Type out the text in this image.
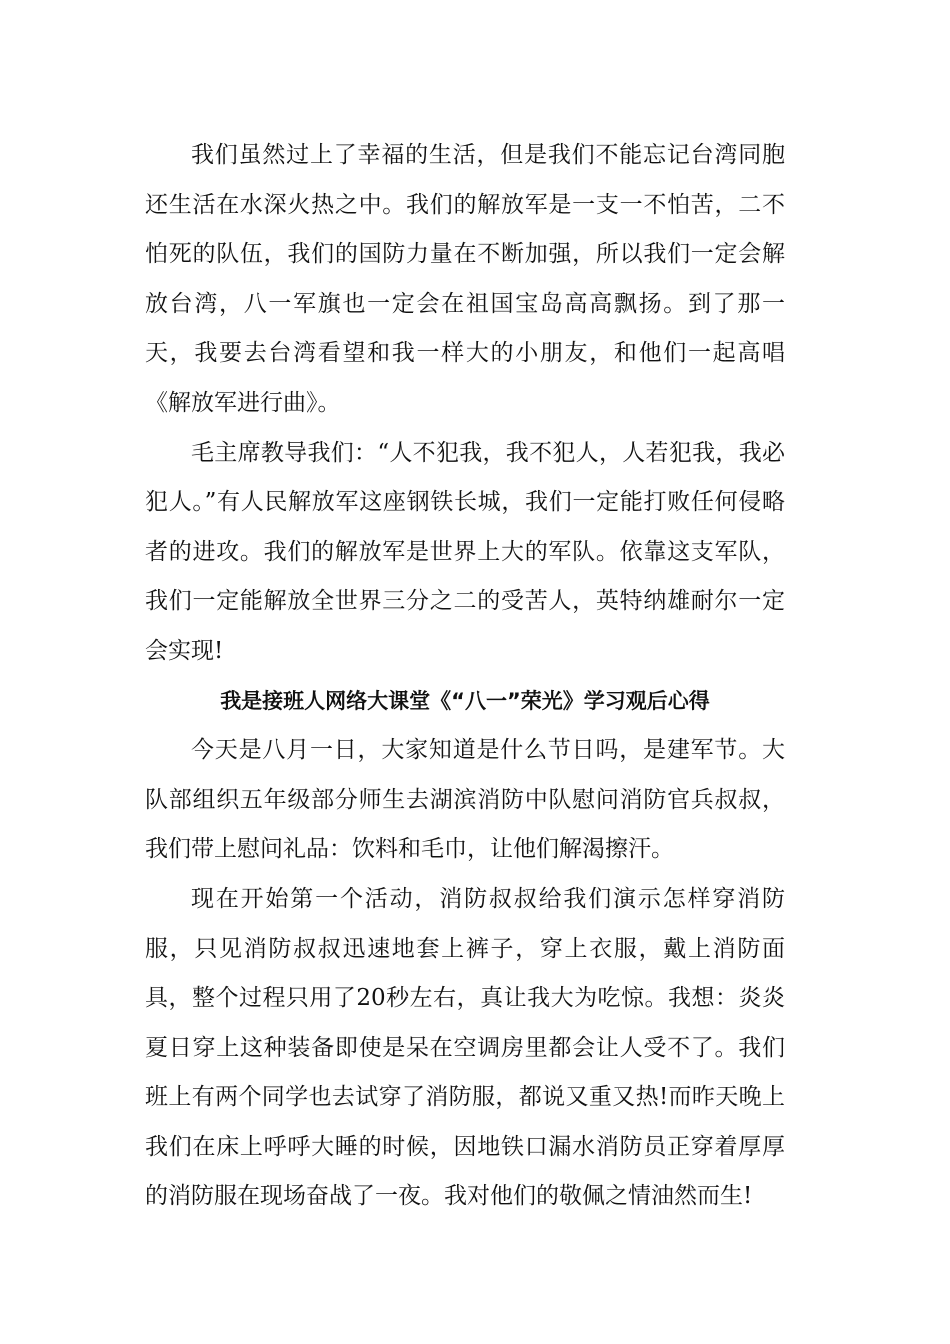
我们虽然过上了幸福的生活，但是我们不能忘记台湾同胞还生活在水深火热之中。我们的解放军是一支一不怕苦，二不怕死的队伍，我们的国防力量在不断加强，所以我们一定会解放台湾，八一军旗也一定会在祖国宝岛高高飘扬。到了那一天，我要去台湾看望和我一样大的小朋友，和他们一起高唱《解放军进行曲》。

毛主席教导我们：“人不犯我，我不犯人，人若犯我，我必犯人。”有人民解放军这座钢铁长城，我们一定能打败任何侵略者的进攻。我们的解放军是世界上大的军队。依靠这支军队，我们一定能解放全世界三分之二的受苦人，英特纳雄耐尔一定会实现!

我是接班人网络大课堂《“八一”荣光》学习观后心得

今天是八月一日，大家知道是什么节日吗，是建军节。大队部组织五年级部分师生去湖滨消防中队慰问消防官兵叔叔，我们带上慰问礼品：饮料和毛巾，让他们解渴擦汗。

现在开始第一个活动，消防叔叔给我们演示怎样穿消防服，只见消防叔叔迅速地套上裤子，穿上衣服，戴上消防面具，整个过程只用了20秒左右，真让我大为吃惊。我想：炎炎夏日穿上这种装备即使是呆在空调房里都会让人受不了。我们班上有两个同学也去试穿了消防服，都说又重又热!而昨天晚上我们在床上呼呼大睡的时候，因地铁口漏水消防员正穿着厚厚的消防服在现场奋战了一夜。我对他们的敬佩之情油然而生!
